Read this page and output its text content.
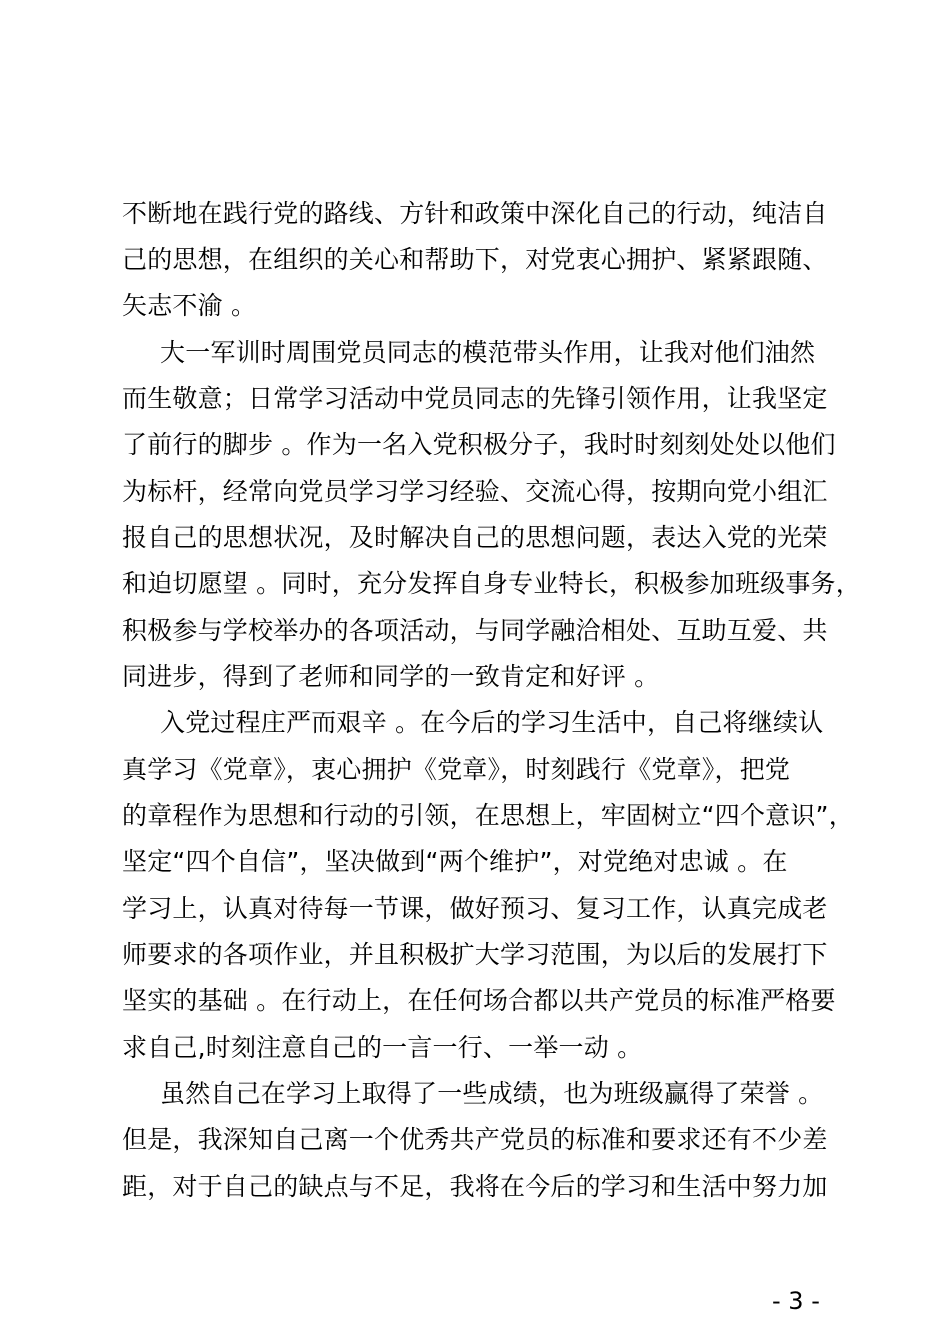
不断地在践行党的路线、方针和政策中深化自己的行动，纯洁自
己的思想，在组织的关心和帮助下，对党衷心拥护、紧紧跟随、
矢志不渝 。
大一军训时周围党员同志的模范带头作用，让我对他们油然
而生敬意；日常学习活动中党员同志的先锋引领作用，让我坚定
了前行的脚步 。作为一名入党积极分子，我时时刻刻处处以他们
为标杆，经常向党员学习学习经验、交流心得，按期向党小组汇
报自己的思想状况，及时解决自己的思想问题，表达入党的光荣
和迫切愿望 。同时，充分发挥自身专业特长，积极参加班级事务，
积极参与学校举办的各项活动，与同学融洽相处、互助互爱、共
同进步，得到了老师和同学的一致肯定和好评 。
入党过程庄严而艰辛 。在今后的学习生活中，自己将继续认
真学习《党章》，衷心拥护《党章》，时刻践行《党章》，把党
的章程作为思想和行动的引领，在思想上，牢固树立“四个意识”，
坚定“四个自信”，坚决做到“两个维护”，对党绝对忠诚 。在
学习上，认真对待每一节课，做好预习、复习工作，认真完成老
师要求的各项作业，并且积极扩大学习范围，为以后的发展打下
坚实的基础 。在行动上，在任何场合都以共产党员的标准严格要
求自己,时刻注意自己的一言一行、一举一动 。
虽然自己在学习上取得了一些成绩，也为班级赢得了荣誉 。
但是，我深知自己离一个优秀共产党员的标准和要求还有不少差
距，对于自己的缺点与不足，我将在今后的学习和生活中努力加
- 3 -
